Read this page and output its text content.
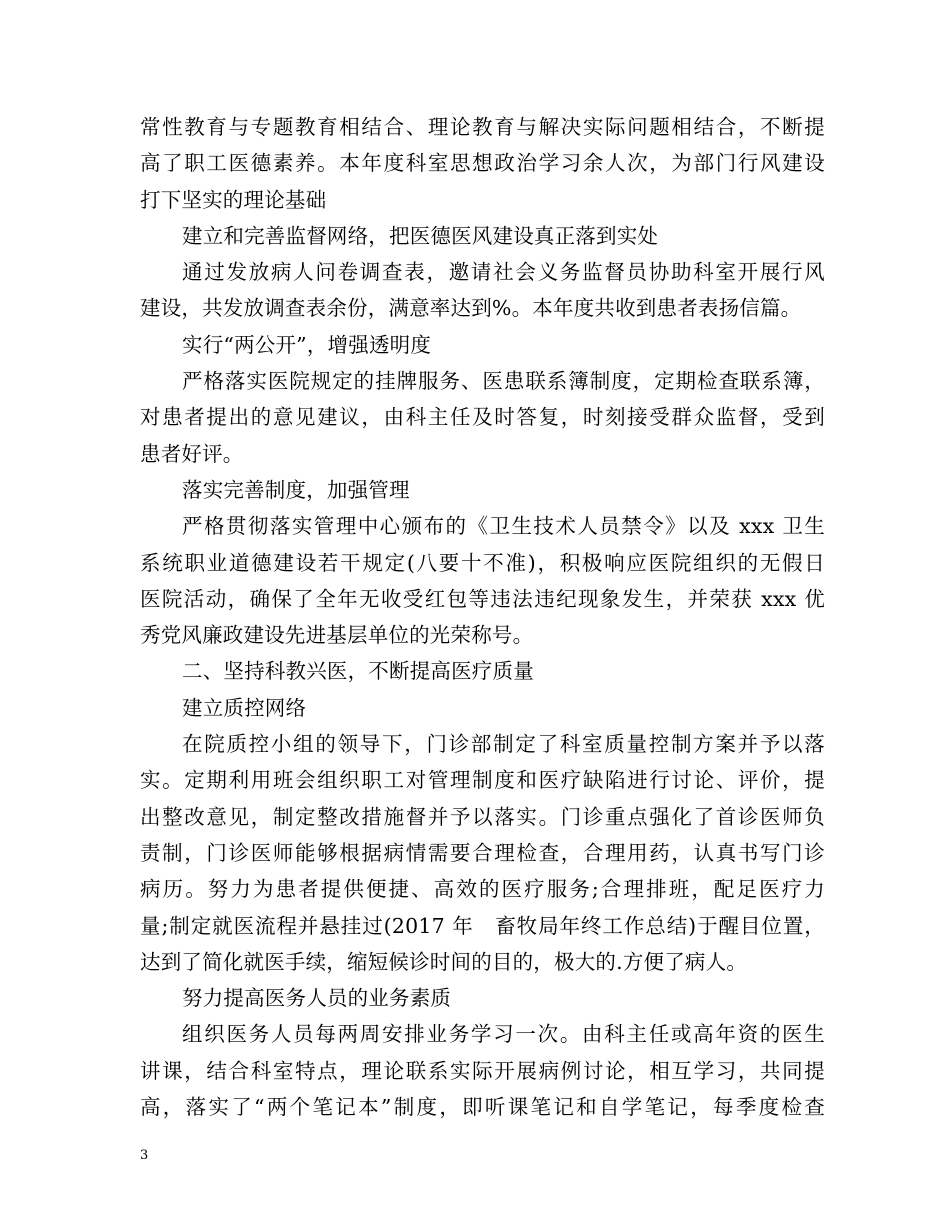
常性教育与专题教育相结合、理论教育与解决实际问题相结合，不断提
高了职工医德素养。本年度科室思想政治学习余人次，为部门行风建设
打下坚实的理论基础
建立和完善监督网络，把医德医风建设真正落到实处
通过发放病人问卷调查表，邀请社会义务监督员协助科室开展行风
建设，共发放调查表余份，满意率达到%。本年度共收到患者表扬信篇。
实行“两公开”，增强透明度
严格落实医院规定的挂牌服务、医患联系簿制度，定期检查联系簿，
对患者提出的意见建议，由科主任及时答复，时刻接受群众监督，受到
患者好评。
落实完善制度，加强管理
严格贯彻落实管理中心颁布的《卫生技术人员禁令》以及 xxx 卫生
系统职业道德建设若干规定(八要十不准)，积极响应医院组织的无假日
医院活动，确保了全年无收受红包等违法违纪现象发生，并荣获 xxx 优
秀党风廉政建设先进基层单位的光荣称号。
二、坚持科教兴医，不断提高医疗质量
建立质控网络
在院质控小组的领导下，门诊部制定了科室质量控制方案并予以落
实。定期利用班会组织职工对管理制度和医疗缺陷进行讨论、评价，提
出整改意见，制定整改措施督并予以落实。门诊重点强化了首诊医师负
责制，门诊医师能够根据病情需要合理检查，合理用药，认真书写门诊
病历。努力为患者提供便捷、高效的医疗服务;合理排班，配足医疗力
量;制定就医流程并悬挂过(2017 年　畜牧局年终工作总结)于醒目位置，
达到了简化就医手续，缩短候诊时间的目的，极大的.方便了病人。
努力提高医务人员的业务素质
组织医务人员每两周安排业务学习一次。由科主任或高年资的医生
讲课，结合科室特点，理论联系实际开展病例讨论，相互学习，共同提
高，落实了“两个笔记本”制度，即听课笔记和自学笔记，每季度检查
3
